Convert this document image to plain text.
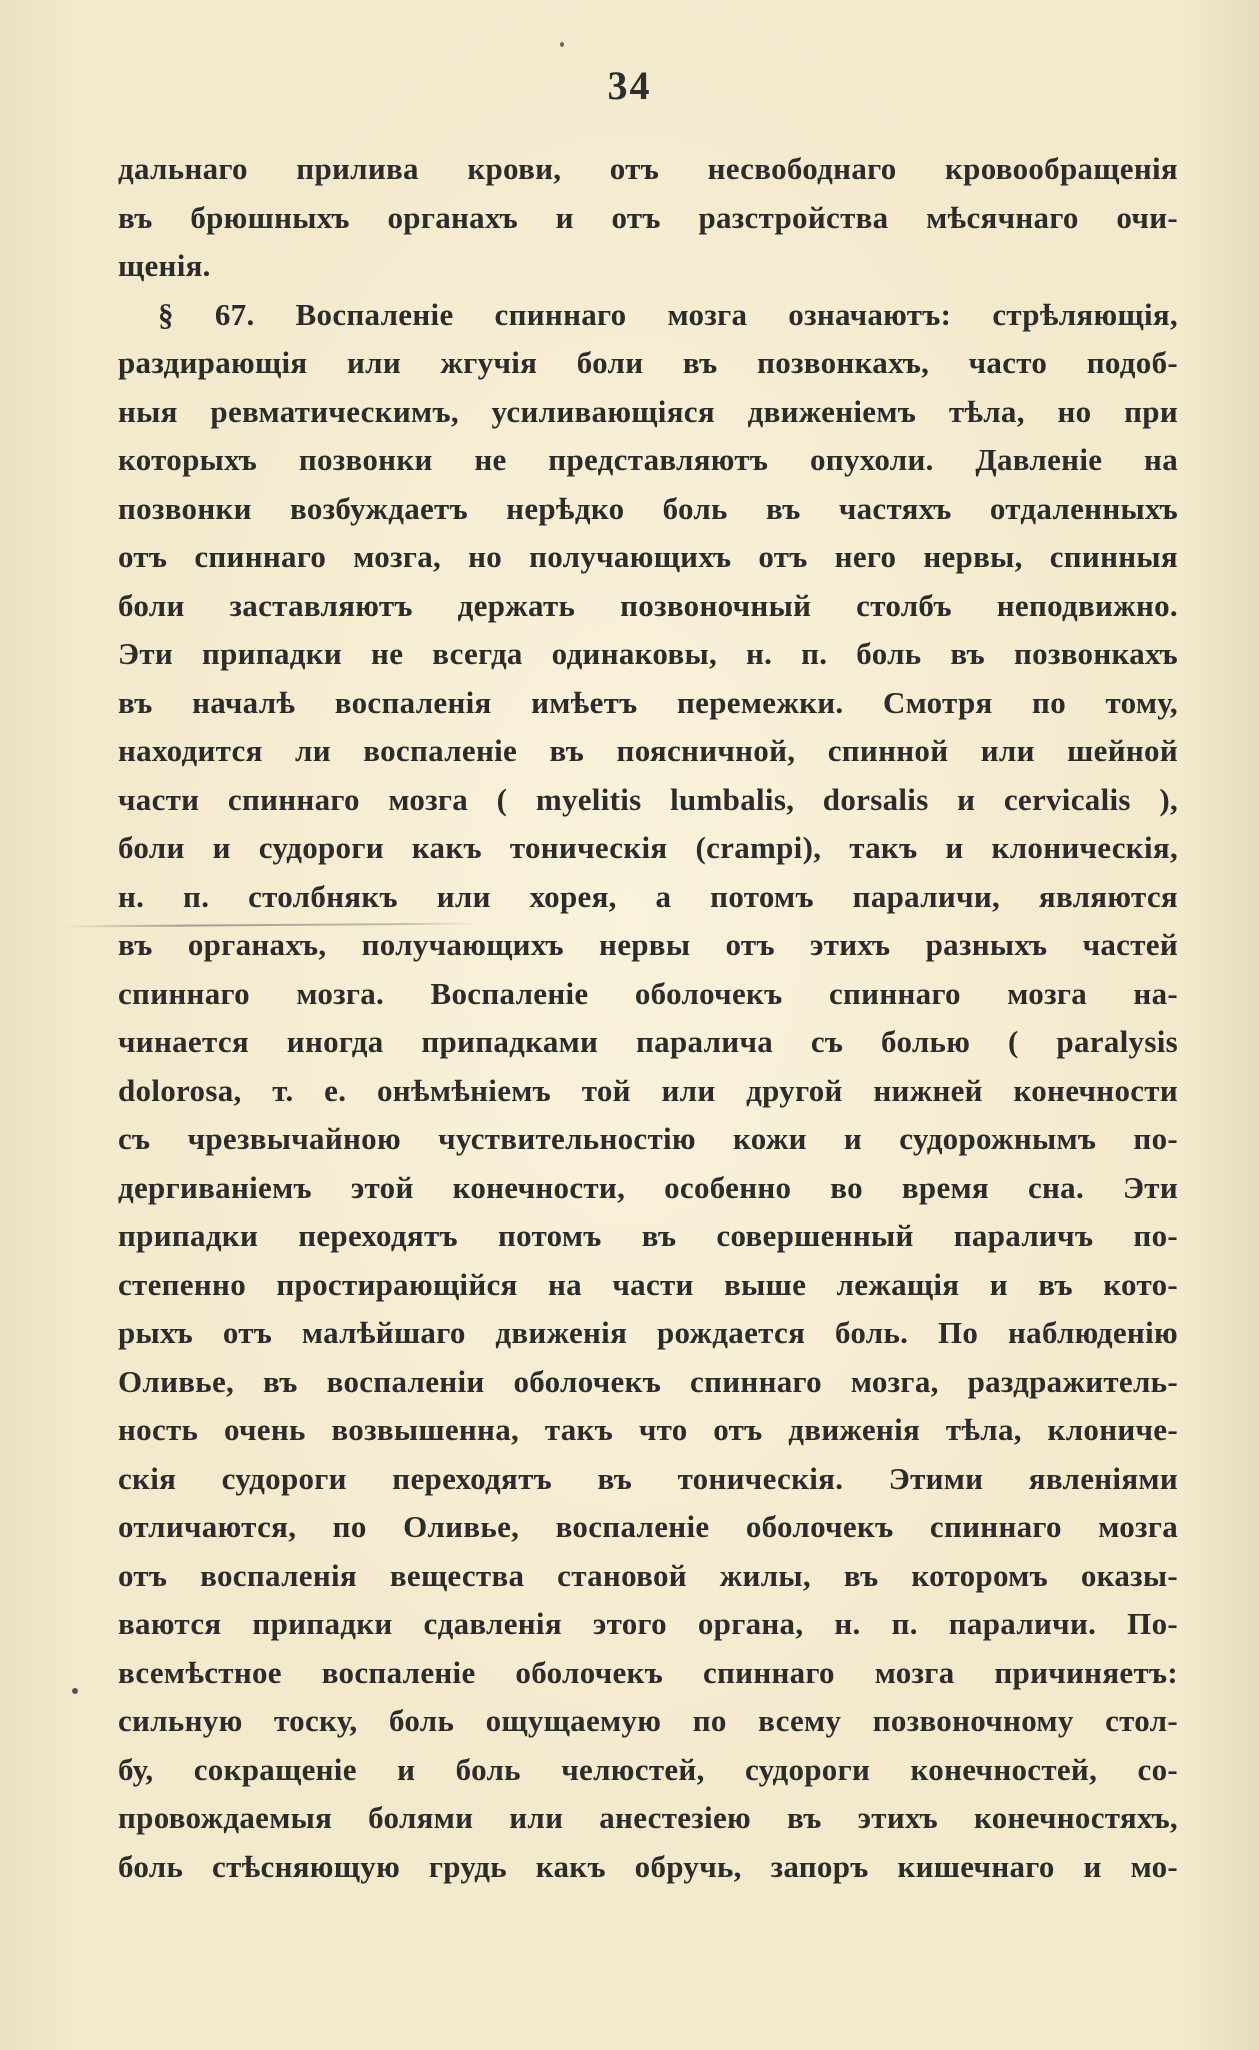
34
дальнаго прилива крови, отъ несвободнаго кровообращенія
въ брюшныхъ органахъ и отъ разстройства мѣсячнаго очи-
щенія.
§ 67. Воспаленіе спиннаго мозга означаютъ: стрѣляющія,
раздирающія или жгучія боли въ позвонкахъ, часто подоб-
ныя ревматическимъ, усиливающіяся движеніемъ тѣла, но при
которыхъ позвонки не представляютъ опухоли. Давленіе на
позвонки возбуждаетъ нерѣдко боль въ частяхъ отдаленныхъ
отъ спиннаго мозга, но получающихъ отъ него нервы, спинныя
боли заставляютъ держать позвоночный столбъ неподвижно.
Эти припадки не всегда одинаковы, н. п. боль въ позвонкахъ
въ началѣ воспаленія имѣетъ перемежки. Смотря по тому,
находится ли воспаленіе въ поясничной, спинной или шейной
части спиннаго мозга ( myelitis lumbalis, dorsalis и cervicalis ),
боли и судороги какъ тоническія (crampi), такъ и клоническія,
н. п. столбнякъ или хорея, а потомъ параличи, являются
въ органахъ, получающихъ нервы отъ этихъ разныхъ частей
спиннаго мозга. Воспаленіе оболочекъ спиннаго мозга на-
чинается иногда припадками паралича съ болью ( paralysis
dolorosa, т. е. онѣмѣніемъ той или другой нижней конечности
съ чрезвычайною чуствительностію кожи и судорожнымъ по-
дергиваніемъ этой конечности, особенно во время сна. Эти
припадки переходятъ потомъ въ совершенный параличъ по-
степенно простирающійся на части выше лежащія и въ кото-
рыхъ отъ малѣйшаго движенія рождается боль. По наблюденію
Оливье, въ воспаленіи оболочекъ спиннаго мозга, раздражитель-
ность очень возвышенна, такъ что отъ движенія тѣла, клониче-
скія судороги переходятъ въ тоническія. Этими явленіями
отличаются, по Оливье, воспаленіе оболочекъ спиннаго мозга
отъ воспаленія вещества становой жилы, въ которомъ оказы-
ваются припадки сдавленія этого органа, н. п. параличи. По-
всемѣстное воспаленіе оболочекъ спиннаго мозга причиняетъ:
сильную тоску, боль ощущаемую по всему позвоночному стол-
бу, сокращеніе и боль челюстей, судороги конечностей, со-
провождаемыя болями или анестезіею въ этихъ конечностяхъ,
боль стѣсняющую грудь какъ обручь, запоръ кишечнаго и мо-
